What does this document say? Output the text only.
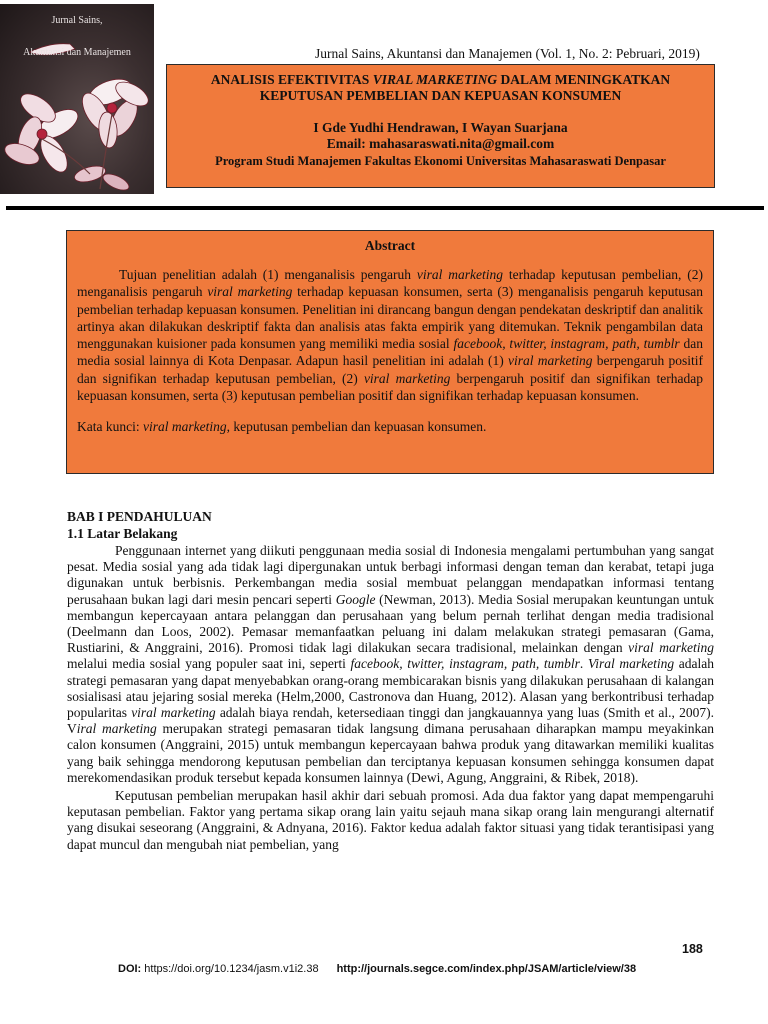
Jurnal Sains,
Akuntansi dan Manajemen	Jurnal Sains, Akuntansi dan Manajemen (Vol. 1, No. 2: Pebruari, 2019)
ANALISIS EFEKTIVITAS VIRAL MARKETING DALAM MENINGKATKAN
KEPUTUSAN PEMBELIAN DAN KEPUASAN KONSUMEN
I Gde Yudhi Hendrawan, I Wayan Suarjana
Email: mahasaraswati.nita@gmail.com
Program Studi Manajemen Fakultas Ekonomi Universitas Mahasaraswati Denpasar
Abstract

Tujuan penelitian adalah (1) menganalisis pengaruh viral marketing terhadap keputusan pembelian, (2) menganalisis pengaruh viral marketing terhadap kepuasan konsumen, serta (3) menganalisis pengaruh keputusan pembelian terhadap kepuasan konsumen. Penelitian ini dirancang bangun dengan pendekatan deskriptif dan analitik artinya akan dilakukan deskriptif fakta dan analisis atas fakta empirik yang ditemukan. Teknik pengambilan data menggunakan kuisioner pada konsumen yang memiliki media sosial facebook, twitter, instagram, path, tumblr dan media sosial lainnya di Kota Denpasar. Adapun hasil penelitian ini adalah (1) viral marketing berpengaruh positif dan signifikan terhadap keputusan pembelian, (2) viral marketing berpengaruh positif dan signifikan terhadap kepuasan konsumen, serta (3) keputusan pembelian positif dan signifikan terhadap kepuasan konsumen.

Kata kunci: viral marketing, keputusan pembelian dan kepuasan konsumen.

BAB I PENDAHULUAN
1.1 Latar Belakang

Penggunaan internet yang diikuti penggunaan media sosial di Indonesia mengalami pertumbuhan yang sangat pesat. Media sosial yang ada tidak lagi dipergunakan untuk berbagi informasi dengan teman dan kerabat, tetapi juga digunakan untuk berbisnis. Perkembangan media sosial membuat pelanggan mendapatkan informasi tentang perusahaan bukan lagi dari mesin pencari seperti Google (Newman, 2013). Media Sosial merupakan keuntungan untuk membangun kepercayaan antara pelanggan dan perusahaan yang belum pernah terlihat dengan media tradisional (Deelmann dan Loos, 2002). Pemasar memanfaatkan peluang ini dalam melakukan strategi pemasaran (Gama, Rustiarini, & Anggraini, 2016). Promosi tidak lagi dilakukan secara tradisional, melainkan dengan viral marketing melalui media sosial yang populer saat ini, seperti facebook, twitter, instagram, path, tumblr. Viral marketing adalah strategi pemasaran yang dapat menyebabkan orang-orang membicarakan bisnis yang dilakukan perusahaan di kalangan sosialisasi atau jejaring sosial mereka (Helm,2000, Castronova dan Huang, 2012). Alasan yang berkontribusi terhadap popularitas viral marketing adalah biaya rendah, ketersediaan tinggi dan jangkauannya yang luas (Smith et al., 2007). Viral marketing merupakan strategi pemasaran tidak langsung dimana perusahaan diharapkan mampu meyakinkan calon konsumen (Anggraini, 2015) untuk membangun kepercayaan bahwa produk yang ditawarkan memiliki kualitas yang baik sehingga mendorong keputusan pembelian dan terciptanya kepuasan konsumen sehingga konsumen dapat merekomendasikan produk tersebut kepada konsumen lainnya (Dewi, Agung, Anggraini, & Ribek, 2018).

Keputusan pembelian merupakan hasil akhir dari sebuah promosi. Ada dua faktor yang dapat mempengaruhi keputasan pembelian. Faktor yang pertama sikap orang lain yaitu sejauh mana sikap orang lain mengurangi alternatif yang disukai seseorang (Anggraini, & Adnyana, 2016). Faktor kedua adalah faktor situasi yang tidak terantisipasi yang dapat muncul dan mengubah niat pembelian, yang

188
DOI: https://doi.org/10.1234/jasm.v1i2.38 http://journals.segce.com/index.php/JSAM/article/view/38
